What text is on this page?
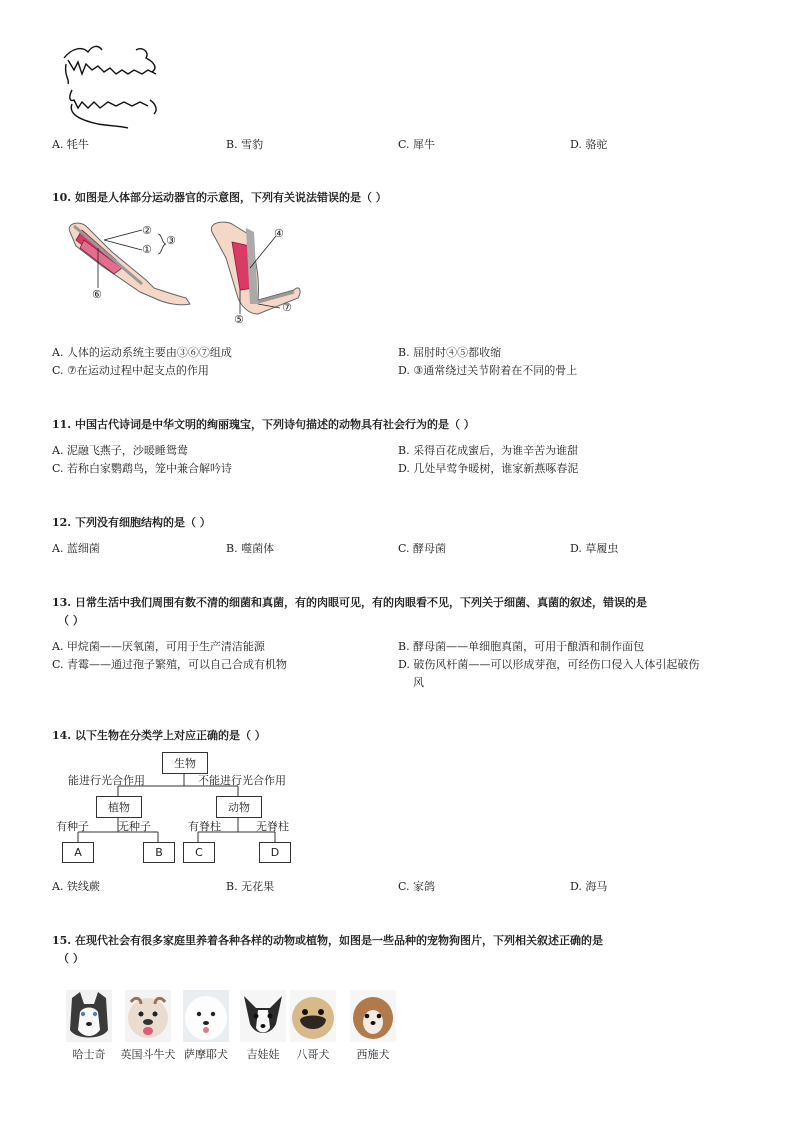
A. 牦牛	B. 雪豹	C. 犀牛	D. 骆驼
10. 如图是人体部分运动器官的示意图，下列有关说法错误的是（ ）
②
①
③
⑥
④
⑦
⑤
A. 人体的运动系统主要由③⑥⑦组成	B. 屈肘时④⑤都收缩
C. ⑦在运动过程中起支点的作用	D. ③通常绕过关节附着在不同的骨上
11. 中国古代诗词是中华文明的绚丽瑰宝，下列诗句描述的动物具有社会行为的是（ ）
A. 泥融飞燕子，沙暖睡鸳鸯	B. 采得百花成蜜后，为谁辛苦为谁甜
C. 若称白家鹦鹉鸟，笼中兼合解吟诗	D. 几处早莺争暖树，谁家新燕啄春泥
12. 下列没有细胞结构的是（ ）
A. 蓝细菌	B. 噬菌体	C. 酵母菌	D. 草履虫
13. 日常生活中我们周围有数不清的细菌和真菌，有的肉眼可见，有的肉眼看不见，下列关于细菌、真菌的叙述，错误的是
（ ）
A. 甲烷菌——厌氧菌，可用于生产清洁能源	B. 酵母菌——单细胞真菌，可用于酿酒和制作面包
C. 青霉——通过孢子繁殖，可以自己合成有机物	D. 破伤风杆菌——可以形成芽孢，可经伤口侵入人体引起破伤
风
14. 以下生物在分类学上对应正确的是（ ）
生物
能进行光合作用	不能进行光合作用
植物	动物
有种子	无种子	有脊柱	无脊柱
A	B	C	D
A. 铁线蕨	B. 无花果	C. 家鸽	D. 海马
15. 在现代社会有很多家庭里养着各种各样的动物或植物，如图是一些品种的宠物狗图片，下列相关叙述正确的是
（ ）
哈士奇	英国斗牛犬 萨摩耶犬	吉娃娃	八哥犬	西施犬
